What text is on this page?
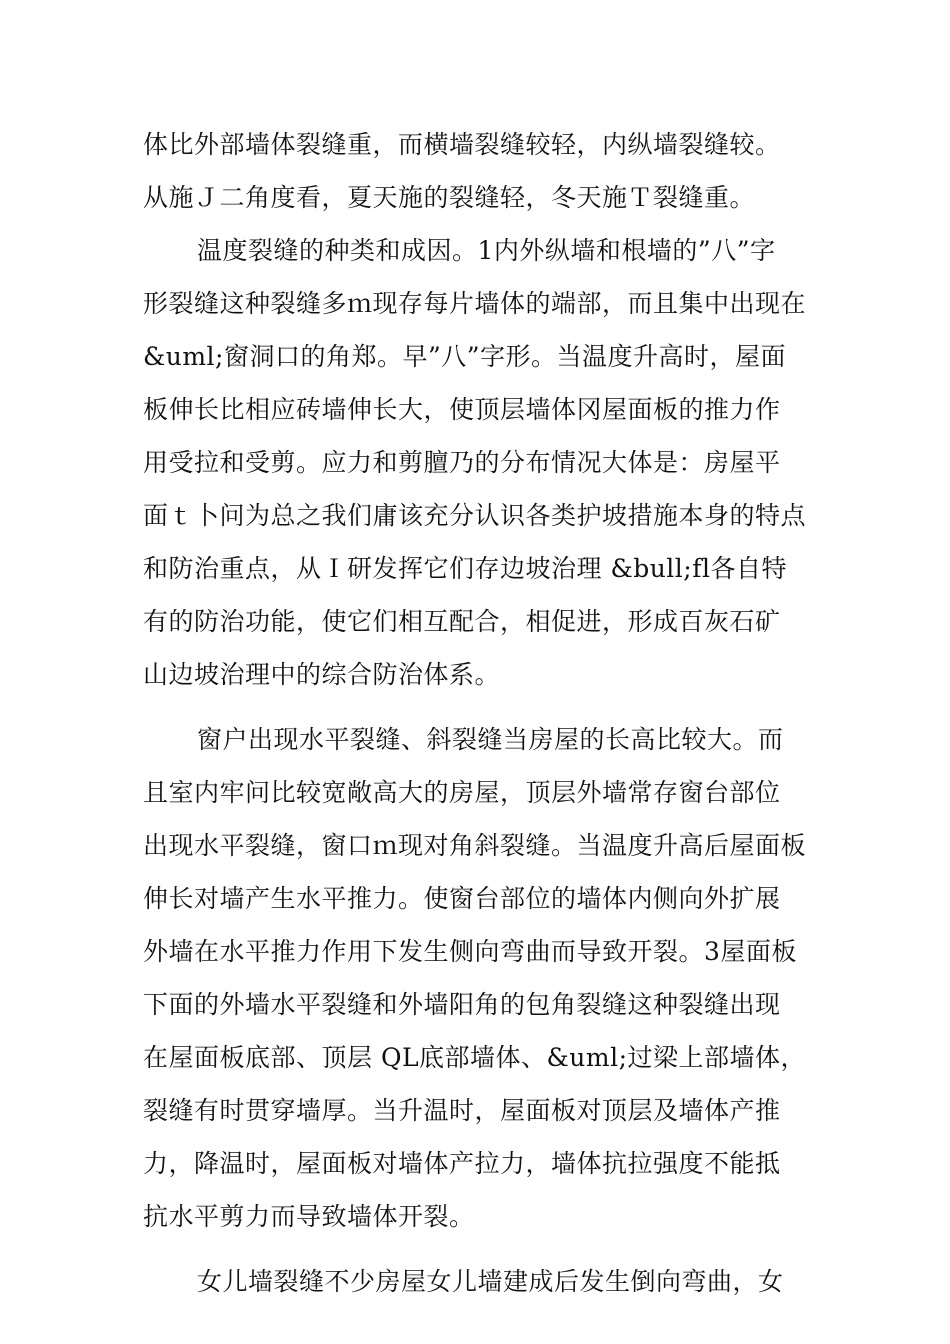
体比外部墙体裂缝重，而横墙裂缝较轻，内纵墙裂缝较。
从施Ｊ二角度看，夏天施的裂缝轻，冬天施Ｔ裂缝重。
温度裂缝的种类和成因。1内外纵墙和根墙的”八”字
形裂缝这种裂缝多ｍ现存每片墙体的端部，而且集中出现在
&uml;窗洞口的角郑。早”八”字形。当温度升高时，屋面
板伸长比相应砖墙伸长大，使顶层墙体冈屋面板的推力作
用受拉和受剪。应力和剪膻乃的分布情况大体是：房屋平
面ｔ卜问为总之我们庸该充分认识各类护坡措施本身的特点
和防治重点，从Ｉ研发挥它们存边坡治理 &bull;fl各自特
有的防治功能，使它们相互配合，相促进，形成百灰石矿
山边坡治理中的综合防治体系。
窗户出现水平裂缝、斜裂缝当房屋的长高比较大。而
且室内牢问比较宽敞高大的房屋，顶层外墙常存窗台部位
出现水平裂缝，窗口ｍ现对角斜裂缝。当温度升高后屋面板
伸长对墙产生水平推力。使窗台部位的墙体内侧向外扩展
外墙在水平推力作用下发生侧向弯曲而导致开裂。3屋面板
下面的外墙水平裂缝和外墙阳角的包角裂缝这种裂缝出现
在屋面板底部、顶层 QL底部墙体、&uml;过梁上部墙体，
裂缝有时贯穿墙厚。当升温时，屋面板对顶层及墙体产推
力，降温时，屋面板对墙体产拉力，墙体抗拉强度不能抵
抗水平剪力而导致墙体开裂。
女儿墙裂缝不少房屋女儿墙建成后发生倒向弯曲，女
